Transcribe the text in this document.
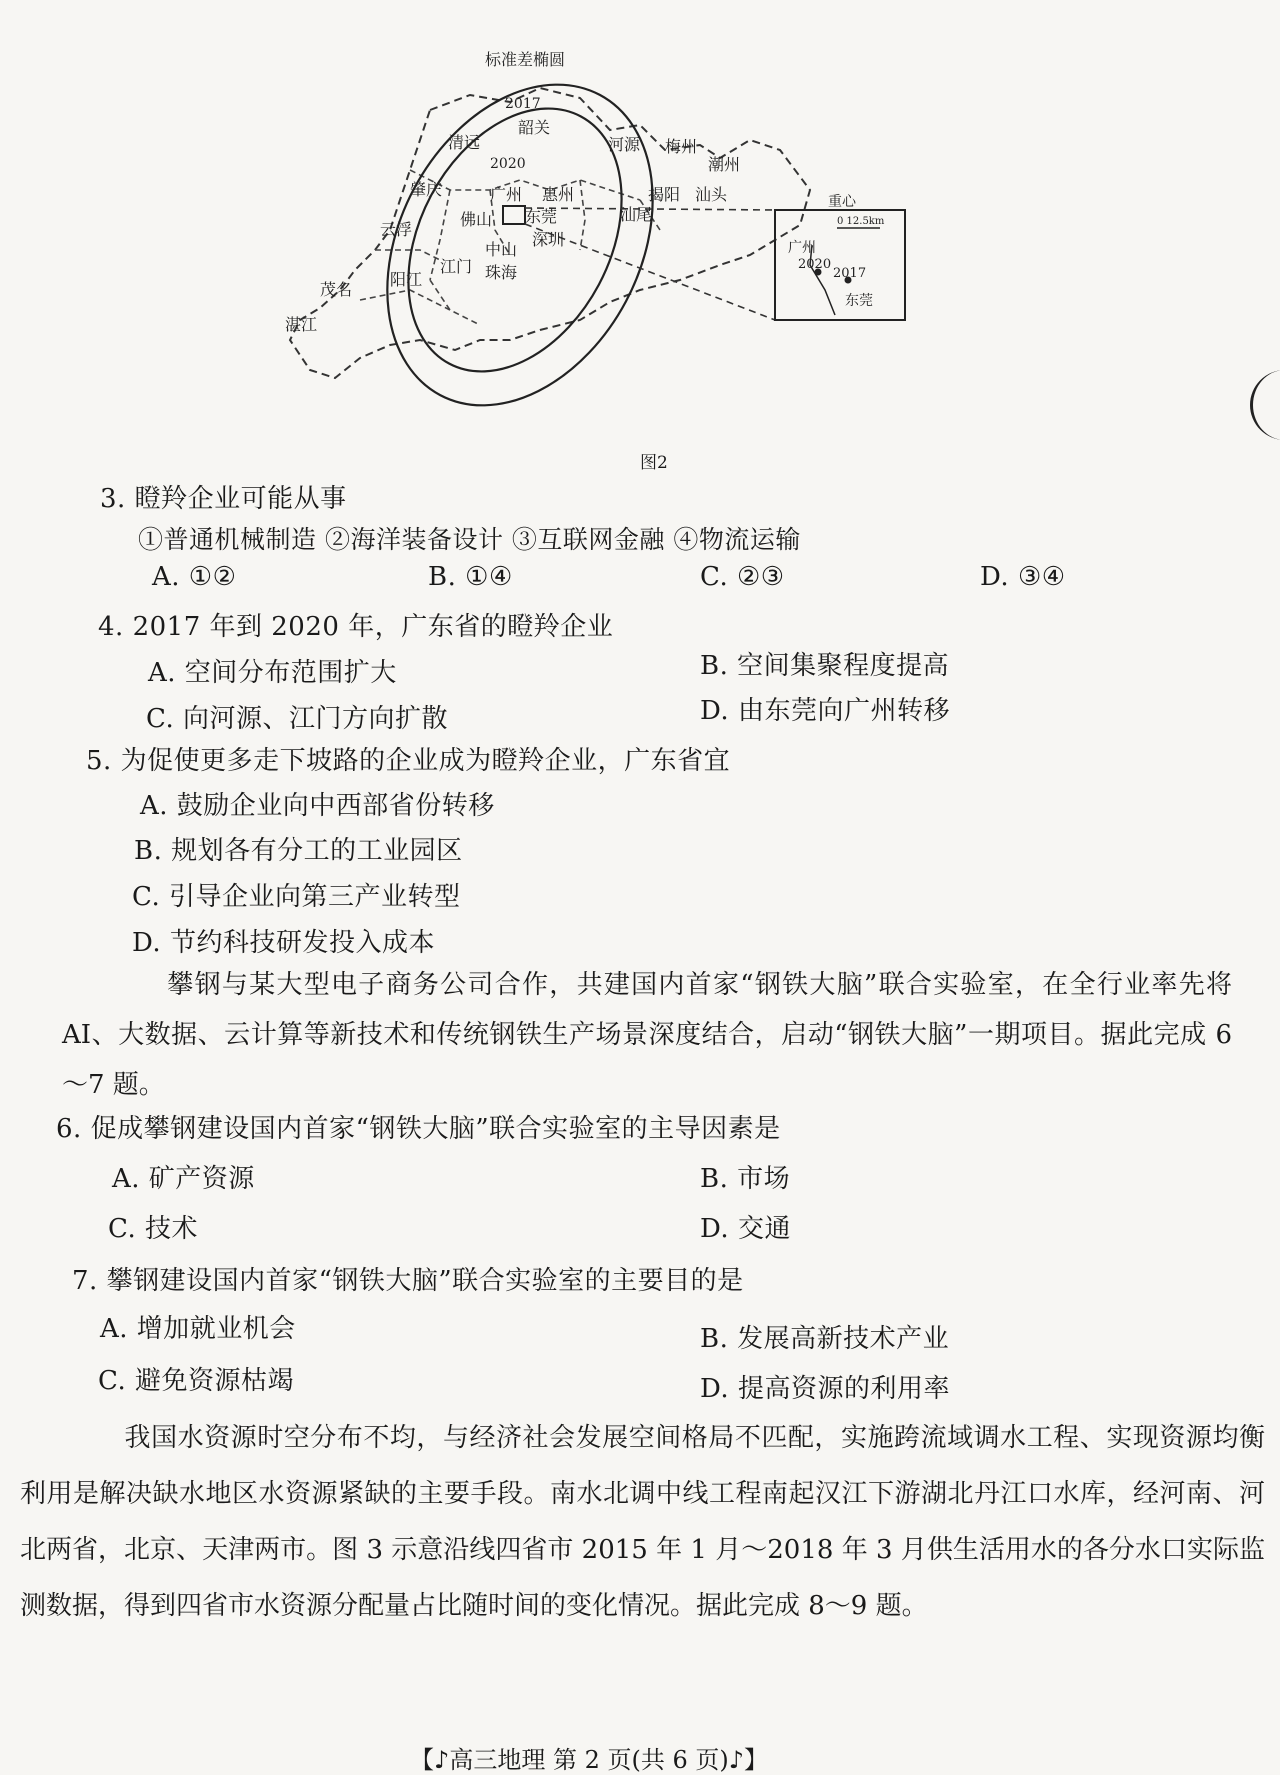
标准差椭圆
2017
2020
清远
韶关
河源 梅州
潮州
肇庆	广州 惠州	揭阳 汕头
云浮
佛山 东莞
深圳
汕尾
中山
江门 珠海
阳江
茂名
湛江
重心
0 12.5km
广州
2020
2017
东莞
图2
3. 瞪羚企业可能从事
①普通机械制造 ②海洋装备设计 ③互联网金融 ④物流运输
A. ①②	B. ①④	C. ②③	D. ③④
4. 2017 年到 2020 年，广东省的瞪羚企业
A. 空间分布范围扩大	B. 空间集聚程度提高
C. 向河源、江门方向扩散	D. 由东莞向广州转移
5. 为促使更多走下坡路的企业成为瞪羚企业，广东省宜
A. 鼓励企业向中西部省份转移
B. 规划各有分工的工业园区
C. 引导企业向第三产业转型
D. 节约科技研发投入成本
攀钢与某大型电子商务公司合作，共建国内首家“钢铁大脑”联合实验室，在全行业率先将AI、大数据、云计算等新技术和传统钢铁生产场景深度结合，启动“钢铁大脑”一期项目。据此完成 6～7 题。
6. 促成攀钢建设国内首家“钢铁大脑”联合实验室的主导因素是
A. 矿产资源	B. 市场
C. 技术	D. 交通
7. 攀钢建设国内首家“钢铁大脑”联合实验室的主要目的是
A. 增加就业机会	B. 发展高新技术产业
C. 避免资源枯竭	D. 提高资源的利用率
我国水资源时空分布不均，与经济社会发展空间格局不匹配，实施跨流域调水工程、实现资源均衡利用是解决缺水地区水资源紧缺的主要手段。南水北调中线工程南起汉江下游湖北丹江口水库，经河南、河北两省，北京、天津两市。图 3 示意沿线四省市 2015 年 1 月～2018 年 3 月供生活用水的各分水口实际监测数据，得到四省市水资源分配量占比随时间的变化情况。据此完成 8～9 题。
【♪高三地理 第 2 页(共 6 页)♪】
